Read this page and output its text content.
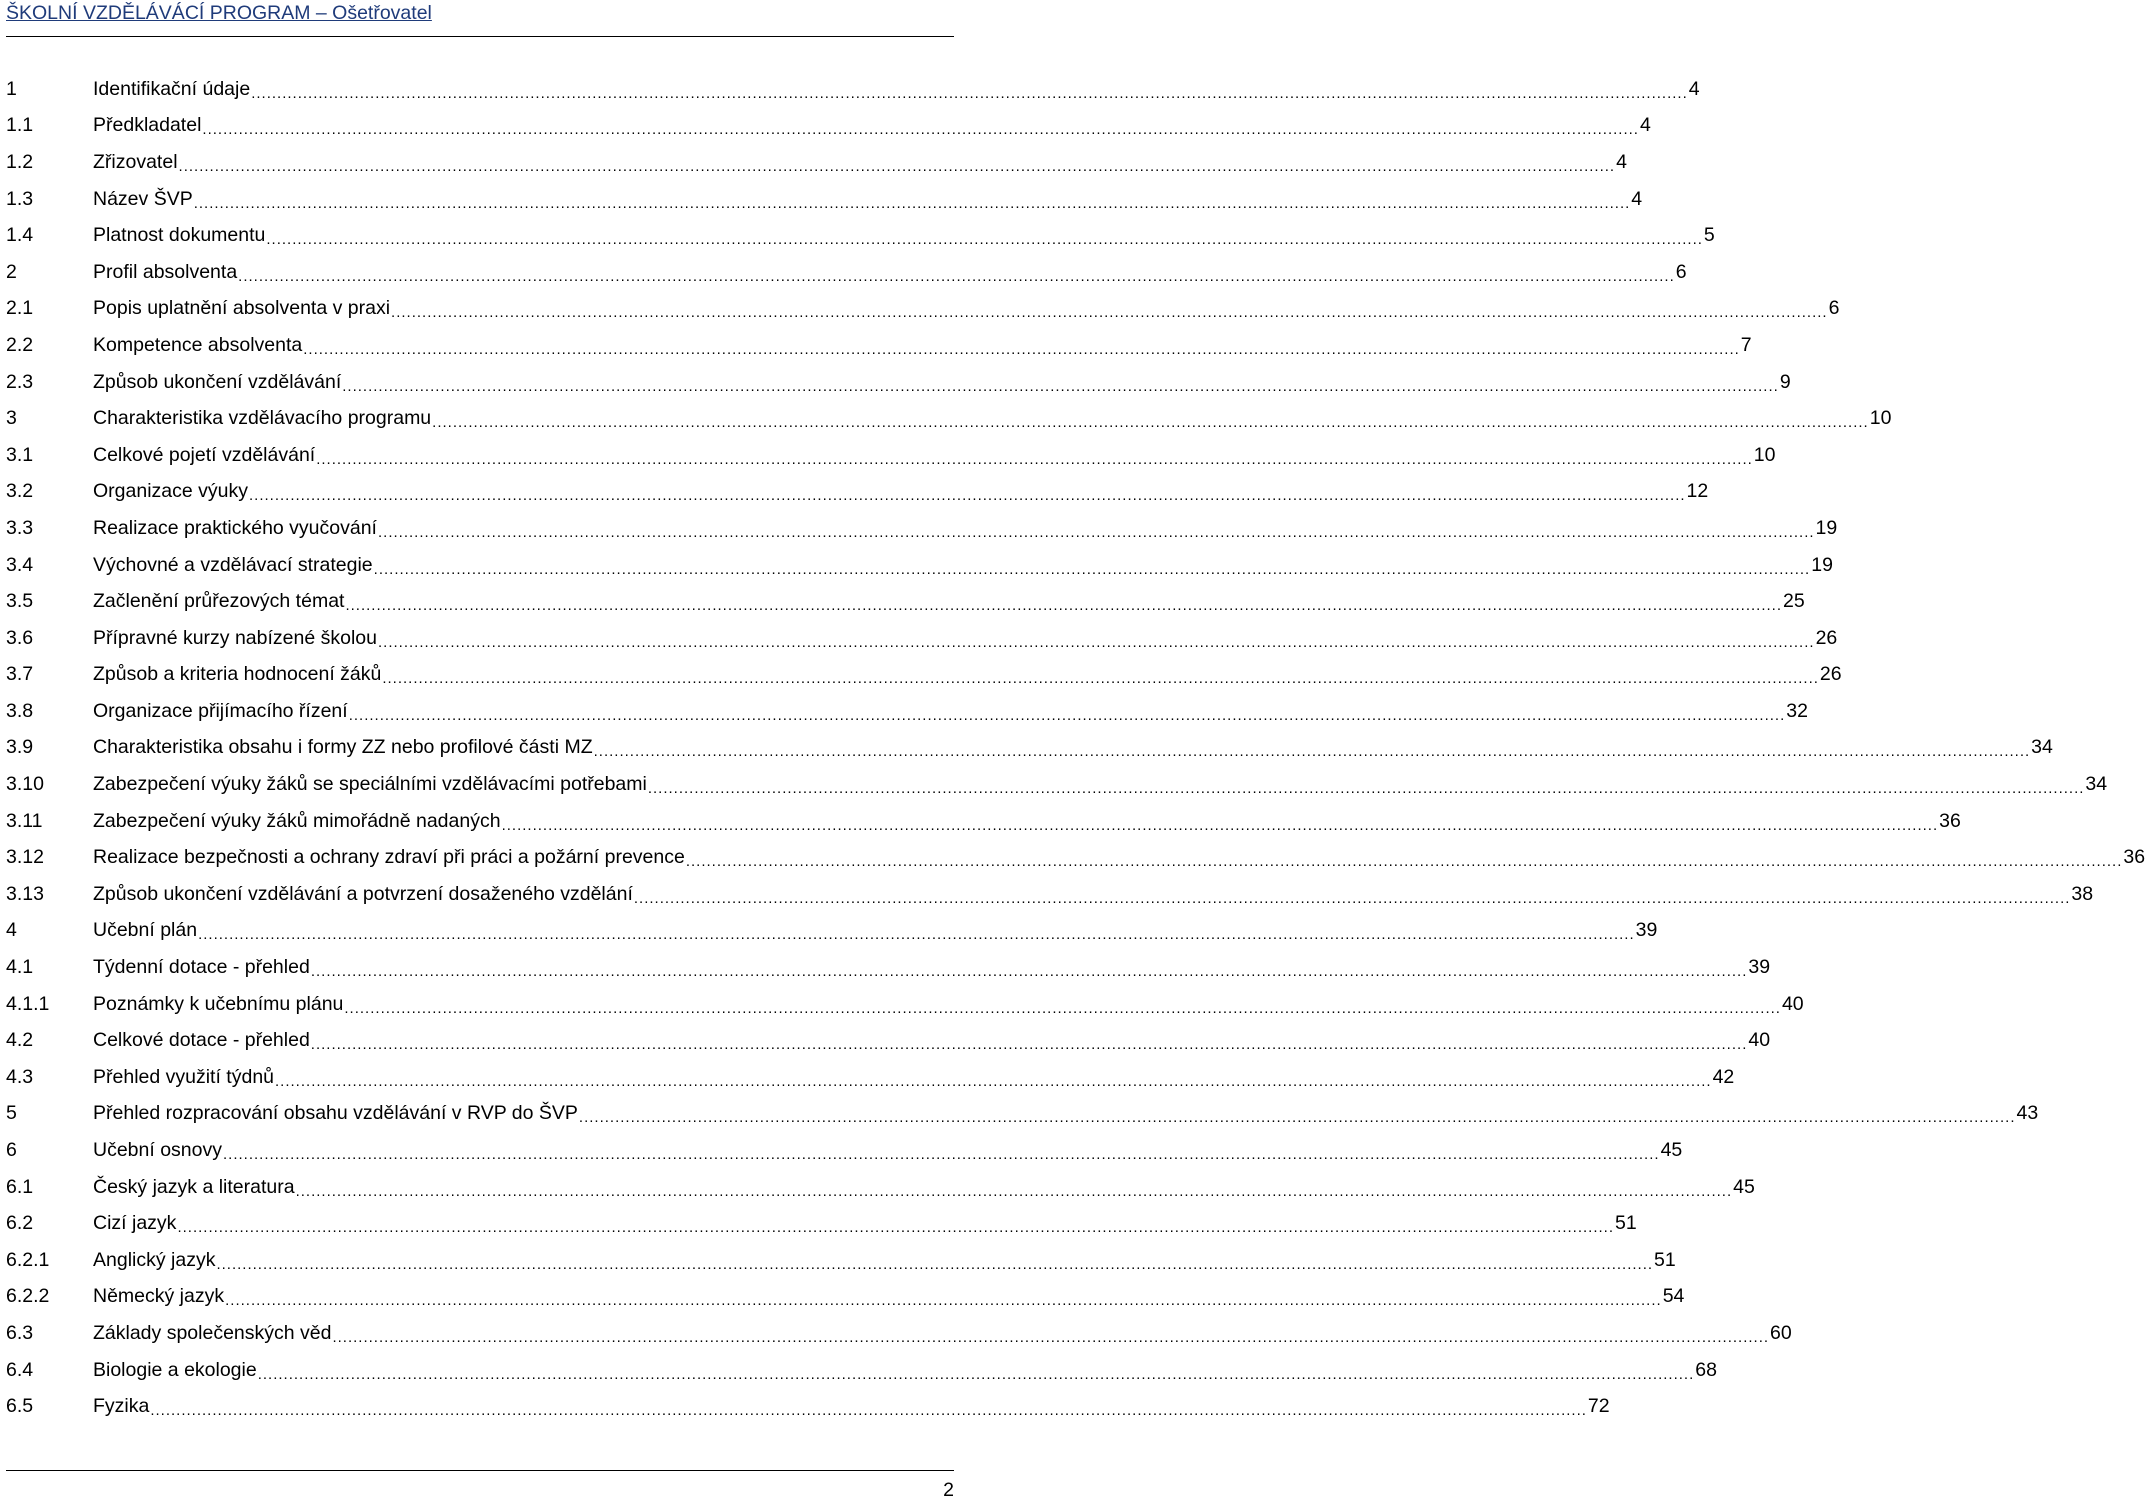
ŠKOLNÍ VZDĚLÁVÁCÍ PROGRAM – Ošetřovatel
1	Identifikační údaje .....	4
1.1	Předkladatel .....	4
1.2	Zřizovatel .....	4
1.3	Název ŠVP .....	4
1.4	Platnost dokumentu .....	5
2	Profil absolventa .....	6
2.1	Popis uplatnění absolventa v praxi .....	6
2.2	Kompetence absolventa .....	7
2.3	Způsob ukončení vzdělávání .....	9
3	Charakteristika vzdělávacího programu .....	10
3.1	Celkové pojetí vzdělávání .....	10
3.2	Organizace výuky .....	12
3.3	Realizace praktického vyučování .....	19
3.4	Výchovné a vzdělávací strategie .....	19
3.5	Začlenění průřezových témat .....	25
3.6	Přípravné kurzy nabízené školou .....	26
3.7	Způsob a kriteria hodnocení žáků .....	26
3.8	Organizace přijímacího řízení .....	32
3.9	Charakteristika obsahu i formy ZZ nebo profilové části MZ .....	34
3.10	Zabezpečení výuky žáků se speciálními vzdělávacími potřebami .....	34
3.11	Zabezpečení výuky žáků mimořádně nadaných .....	36
3.12	Realizace bezpečnosti a ochrany zdraví při práci a požární prevence .....	36
3.13	Způsob ukončení vzdělávání a potvrzení dosaženého vzdělání .....	38
4	Učební plán .....	39
4.1	Týdenní dotace - přehled .....	39
4.1.1	Poznámky k učebnímu plánu .....	40
4.2	Celkové dotace - přehled .....	40
4.3	Přehled využití týdnů .....	42
5	Přehled rozpracování obsahu vzdělávání v RVP do ŠVP .....	43
6	Učební osnovy .....	45
6.1	Český jazyk a literatura .....	45
6.2	Cizí jazyk .....	51
6.2.1	Anglický jazyk .....	51
6.2.2	Německý jazyk .....	54
6.3	Základy společenských věd .....	60
6.4	Biologie a ekologie .....	68
6.5	Fyzika .....	72
2
